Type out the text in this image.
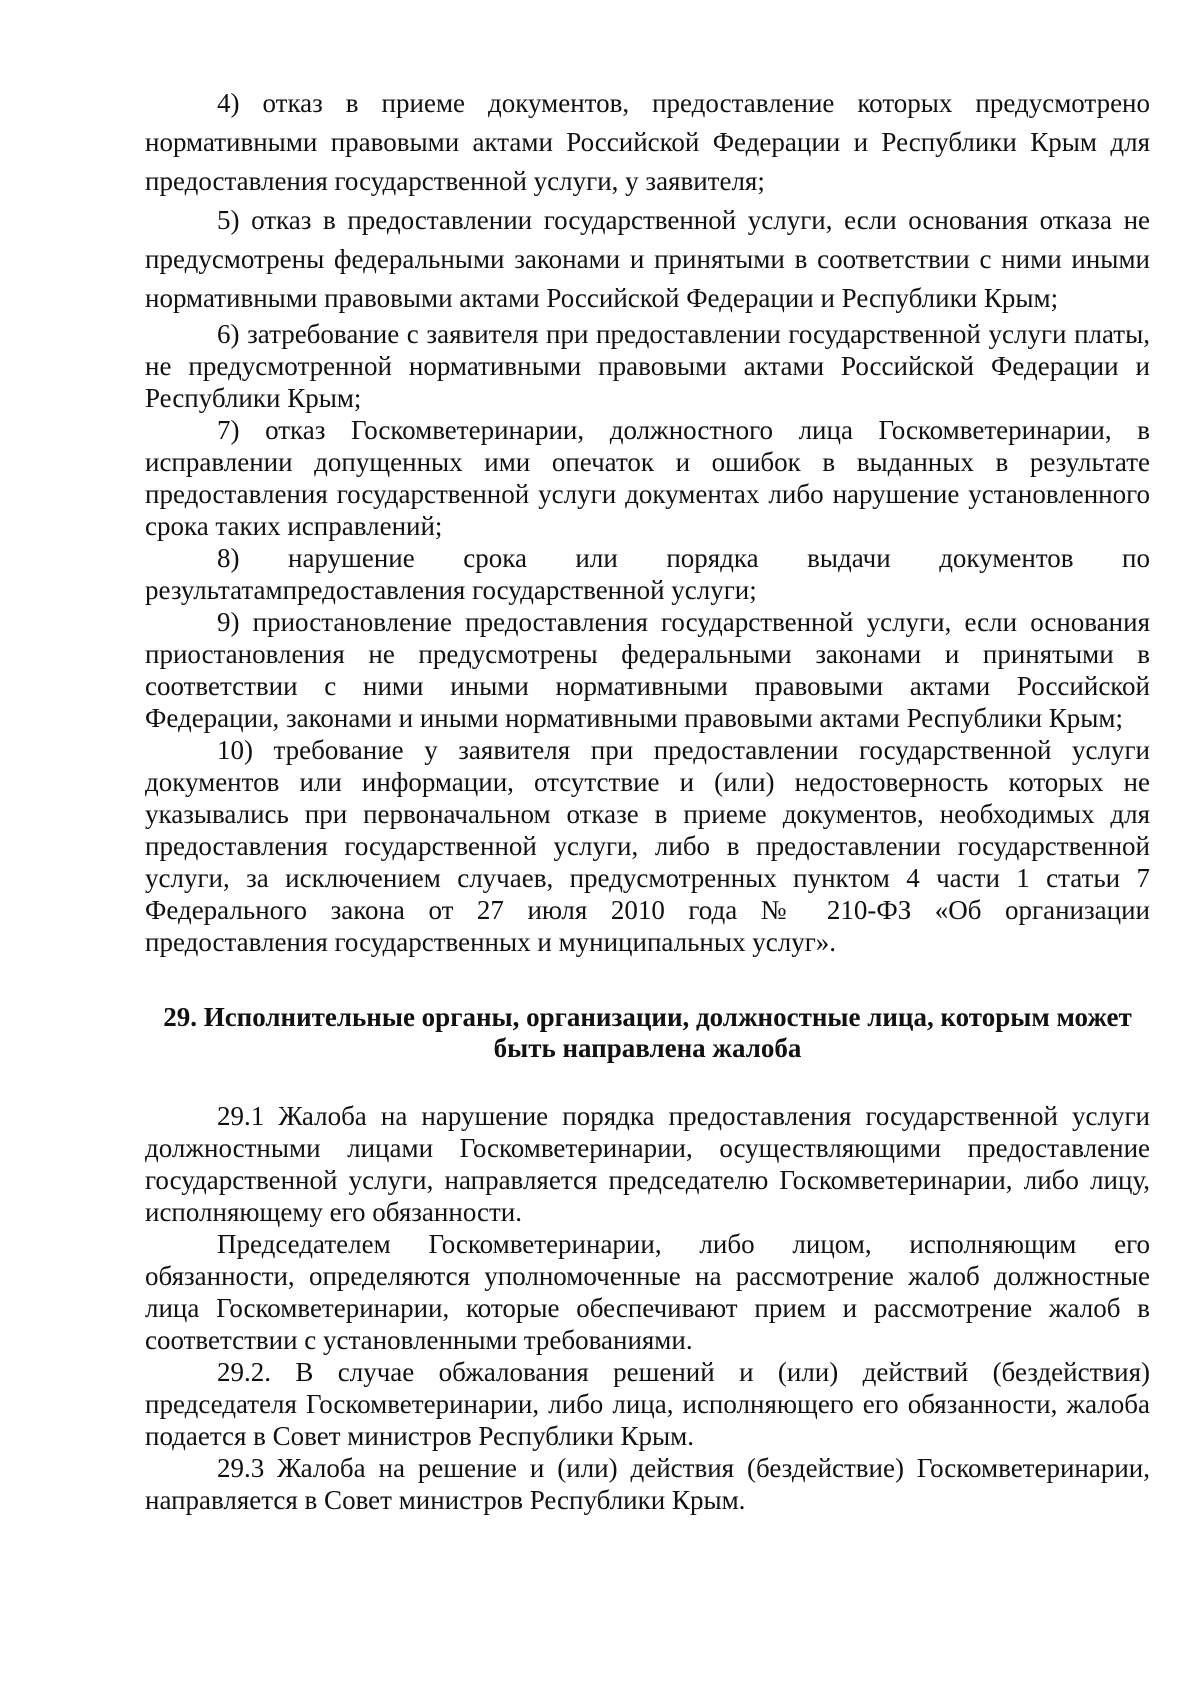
4) отказ в приеме документов, предоставление которых предусмотрено нормативными правовыми актами Российской Федерации и Республики Крым для предоставления государственной услуги, у заявителя;

5) отказ в предоставлении государственной услуги, если основания отказа не предусмотрены федеральными законами и принятыми в соответствии с ними иными нормативными правовыми актами Российской Федерации и Республики Крым;

6) затребование с заявителя при предоставлении государственной услуги платы, не предусмотренной нормативными правовыми актами Российской Федерации и Республики Крым;

7) отказ Госкомветеринарии, должностного лица Госкомветеринарии, в исправлении допущенных ими опечаток и ошибок в выданных в результате предоставления государственной услуги документах либо нарушение установленного срока таких исправлений;

8) нарушение срока или порядка выдачи документов по результатампредоставления государственной услуги;

9) приостановление предоставления государственной услуги, если основания приостановления не предусмотрены федеральными законами и принятыми в соответствии с ними иными нормативными правовыми актами Российской Федерации, законами и иными нормативными правовыми актами Республики Крым;

10) требование у заявителя при предоставлении государственной услуги документов или информации, отсутствие и (или) недостоверность которых не указывались при первоначальном отказе в приеме документов, необходимых для предоставления государственной услуги, либо в предоставлении государственной услуги, за исключением случаев, предусмотренных пунктом 4 части 1 статьи 7 Федерального закона от 27 июля 2010 года № 210-ФЗ «Об организации предоставления государственных и муниципальных услуг».

29. Исполнительные органы, организации, должностные лица, которым может быть направлена жалоба

29.1 Жалоба на нарушение порядка предоставления государственной услуги должностными лицами Госкомветеринарии, осуществляющими предоставление государственной услуги, направляется председателю Госкомветеринарии, либо лицу, исполняющему его обязанности.

Председателем Госкомветеринарии, либо лицом, исполняющим его обязанности, определяются уполномоченные на рассмотрение жалоб должностные лица Госкомветеринарии, которые обеспечивают прием и рассмотрение жалоб в соответствии с установленными требованиями.

29.2. В случае обжалования решений и (или) действий (бездействия) председателя Госкомветеринарии, либо лица, исполняющего его обязанности, жалоба подается в Совет министров Республики Крым.

29.3 Жалоба на решение и (или) действия (бездействие) Госкомветеринарии, направляется в Совет министров Республики Крым.
